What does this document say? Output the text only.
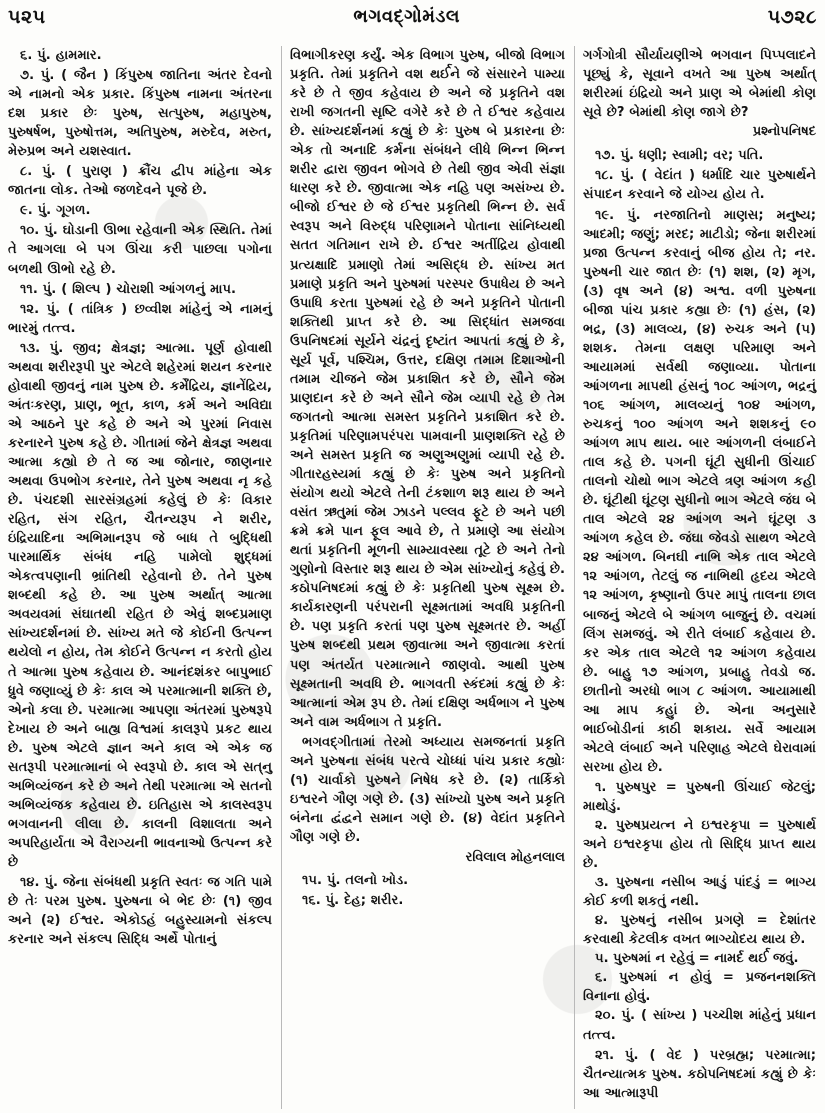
૫૨૫	ભગવદ્ગોમંડલ	૫૭૨૮

૬. પું. હામમાર.

૭. પું. ( જૈન ) કિંપુરુષ જાતિના અંતર દેવનો એ નામનો એક પ્રકાર. કિંપુરુષ નામના અંતરના દશ પ્રકાર છેઃ પુરુષ, સત્પુરુષ, મહાપુરુષ, પુરુષર્ષભ, પુરુષોત્તમ, અતિપુરુષ, મરુદેવ, મરુત, મેરુપ્રભ અને યશસ્વાત.

૮. પું. ( પુરાણ ) ક્રૌંચ દ્વીપ માંહેના એક જાતના લોક. તેઓ જળદેવને પૂજે છે.

૯. પું. ગૂગળ.

૧૦. પું. ઘોડાની ઊભા રહેવાની એક સ્થિતિ. તેમાં તે આગલા બે પગ ઊંચા કરી પાછલા પગોના બળથી ઊભો રહે છે.

૧૧. પું. ( શિલ્પ ) ચોરાશી આંગળનું માપ.

૧૨. પું. ( તાંત્રિક ) છવ્વીશ માંહેનું એ નામનું ભારમું તત્ત્વ.

૧૩. પું. જીવ; ક્ષેત્રજ્ઞ; આત્મા. પૂર્ણ હોવાથી અથવા શરીરરૂપી પુર એટલે શહેરમાં શયન કરનાર હોવાથી જીવનું નામ પુરુષ છે. કર્મેંદ્રિય, જ્ઞાનેંદ્રિય, અંતઃકરણ, પ્રાણ, ભૂત, કાળ, કર્મ અને અવિદ્યા એ આઠને પુર કહે છે અને એ પુરમાં નિવાસ કરનારને પુરુષ કહે છે. ગીતામાં જેને ક્ષેત્રજ્ઞ અથવા આત્મા કહ્યો છે તે જ આ જોનાર, જાણનાર અથવા ઉપભોગ કરનાર, તેને પુરુષ અથવા નૃ કહે છે. પંચદશી સારસંગ્રહમાં કહેલું છે કેઃ વિકાર રહિત, સંગ રહિત, ચૈતન્યરૂપ ને શરીર, ઇંદ્રિયાદિના અભિમાનરૂપ જે બાધ તે બુદ્ધિથી પારમાર્થિક સંબંધ નહિ પામેલો શુદ્ધમાં એકત્વપણાની ભ્રાંતિથી રહેવાનો છે. તેને પુરુષ શબ્દથી કહે છે. આ પુરુષ અર્થાત્ આત્મા અવયવમાં સંઘાતથી રહિત છે એવું શબ્દપ્રમાણ સાંખ્યદર્શનમાં છે. સાંખ્ય મતે જે કોઈની ઉત્પન્ન થયેલો ન હોય, તેમ કોઈને ઉત્પન્ન ન કરતો હોય તે આત્મા પુરુષ કહેવાય છે. આનંદશંકર બાપુભાઈ ધ્રુવે જણાવ્યું છે કેઃ કાલ એ પરમાત્માની શક્તિ છે, એનો કલા છે. પરમાત્મા આપણા અંતરમાં પુરુષરૂપે દેખાય છે અને બાહ્ય વિશ્વમાં કાલરૂપે પ્રકટ થાય છે. પુરુષ એટલે જ્ઞાન અને કાલ એ એક જ સતરૂપી પરમાત્માનાં બે સ્વરૂપો છે. કાલ એ સત્‌નુ અભિવ્યંજન કરે છે અને તેથી પરમાત્મા એ સતનો અભિવ્યંજક કહેવાય છે. ઇતિહાસ એ કાલસ્વરૂપ ભગવાનની લીલા છે. કાલની વિશાલતા અને અપરિહાર્યતા એ વૈરાગ્યની ભાવનાઓ ઉત્પન્ન કરે છે

૧૪. પું. જેના સંબંધથી પ્રકૃતિ સ્વતઃ જ ગતિ પામે છે તેઃ પરમ પુરુષ. પુરુષના બે ભેદ છેઃ (૧) જીવ અને (૨) ઈશ્વર. એકોઽહં બહુસ્યામનો સંકલ્પ કરનાર અને સંકલ્પ સિદ્ધિ અર્થે પોતાનું

વિભાગીકરણ કર્યું. એક વિભાગ પુરુષ, બીજો વિભાગ પ્રકૃતિ. તેમાં પ્રકૃતિને વશ થર્ઈને જે સંસારને પામ્યા કરે છે તે જીવ કહેવાય છે અને જે પ્રકૃતિને વશ રાખી જગતની સૃષ્ટિ વગેરે કરે છે તે ઈશ્વર કહેવાય છે. સાંખ્યદર્શનમાં કહ્યું છે કેઃ પુરુષ બે પ્રકારના છેઃ એક તો અનાદિ કર્મના સંબંધને લીધે ભિન્ન ભિન્ન શરીર દ્વારા જીવન ભોગવે છે તેથી જીવ એવી સંજ્ઞા ધારણ કરે છે. જીવાત્મા એક નહિ પણ અસંખ્ય છે. બીજો ઈશ્વર છે જે ઈશ્વર પ્રકૃતિથી ભિન્ન છે. સર્વ સ્વરૂપ અને વિરુદ્ધ પરિણામને પોતાના સાંનિધ્યથી સતત ગતિમાન રાખે છે. ઈશ્વર અતીંદ્રિય હોવાથી પ્રત્યક્ષાદિ પ્રમાણો તેમાં અસિદ્ધ છે. સાંખ્ય મત પ્રમાણે પ્રકૃતિ અને પુરુષમાં પરસ્પર ઉપાધેય છે અને ઉપાધિ કરતા પુરુષમાં રહે છે અને પ્રકૃતિને પોતાની શક્તિથી પ્રાપ્ત કરે છે. આ સિદ્ધાંત સમજવા ઉપનિષદમાં સૂર્યને ચંદ્રનું દૃષ્ટાંત આપતાં કહ્યું છે કે, સૂર્ય પૂર્વ, પશ્ચિમ, ઉત્તર, દક્ષિણ તમામ દિશાઓની તમામ ચીજને જેમ પ્રકાશિત કરે છે, સૌને જેમ પ્રાણદાન કરે છે અને સૌને જેમ વ્યાપી રહે છે તેમ જગતનો આત્મા સમસ્ત પ્રકૃતિને પ્રકાશિત કરે છે. પ્રકૃતિમાં પરિણામપરંપરા પામવાની પ્રાણશક્તિ રહે છે અને સમસ્ત પ્રકૃતિ જ અણુઅણુમાં વ્યાપી રહે છે. ગીતારહસ્યમાં કહ્યું છે કેઃ પુરુષ અને પ્રકૃતિનો સંયોગ થયો એટલે તેની ટંકશાળ શરૂ થાય છે અને વસંત ઋતુમાં જેમ ઝાડને પલ્લવ ફૂટે છે અને પછી ક્રમે ક્રમે પાન ફૂલ આવે છે, તે પ્રમાણે આ સંયોગ થતાં પ્રકૃતિની મૂળની સામ્યાવસ્થા તૂટે છે અને તેનો ગુણોનો વિસ્તાર શરૂ થાય છે એમ સાંખ્યોનું કહેવું છે. કઠોપનિષદમાં કહ્યું છે કેઃ પ્રકૃતિથી પુરુષ સૂક્ષ્મ છે. કાર્યકારણની પરંપરાની સૂક્ષ્મતામાં અવધિ પ્રકૃતિની છે. પણ પ્રકૃતિ કરતાં પણ પુરુષ સૂક્ષ્મતર છે. અહીં પુરુષ શબ્દથી પ્રથમ જીવાત્મા અને જીવાત્મા કરતાં પણ અંતર્યત પરમાત્માને જાણવો. આથી પુરુષ સૂક્ષ્મતાની અવધિ છે. ભાગવતી સ્કંદમાં કહ્યું છે કેઃ આત્માનાં એમ રૂપ છે. તેમાં દક્ષિણ અર્ધભાગ ને પુરુષ અને વામ અર્ધભાગ તે પ્રકૃતિ.

ભગવદ્‌ગીતામાં તેરમો અધ્યાય સમજનતાં પ્રકૃતિ અને પુરુષના સંબંધ પરત્વે ચોધ્ધાં પાંચ પ્રકાર કહ્યોઃ (૧) ચાર્વાકો પુરુષને નિષેધ કરે છે. (૨) તાર્કિકો ઇશ્વરને ગૌણ ગણે છે. (૩) સાંખ્યો પુરુષ અને પ્રકૃતિ બંનેના દ્વંદ્વને સમાન ગણે છે. (૪) વેદાંત પ્રકૃતિને ગૌણ ગણે છે.

રવિલાલ મોહનલાલ

૧૫. પું. તલનો ખોડ.

૧૬. પું. દેહ; શરીર.

ગર્ગગોત્રી સૌર્યાયણીએ ભગવાન પિપ્પલાદને પૂછ્યું કે, સૂવાને વખતે આ પુરુષ અર્થાત્ શરીરમાં ઇંદ્રિયો અને પ્રાણ એ બેમાંથી કોણ સૂવે છે? બેમાંથી કોણ જાગે છે?

પ્રશ્નોપનિષદ

૧૭. પું. ધણી; સ્વામી; વર; પતિ.

૧૮. પું. ( વેદાંત ) ધર્માદિ ચાર પુરુષાર્થને સંપાદન કરવાને જે યોગ્ય હોય તે.

૧૯. પું. નરજાતિનો માણસ; મનુષ્ય; આદમી; જણું; મરદ; માટીડો; જેના શરીરમાં પ્રજા ઉત્પન્ન કરવાનું બીજ હોય તે; નર. પુરુષની ચાર જાત છેઃ (૧) શશ, (૨) મૃગ, (૩) વૃષ અને (૪) અશ્વ. વળી પુરુષના બીજા પાંચ પ્રકાર કહ્યા છેઃ (૧) હંસ, (૨) ભદ્ર, (૩) માલવ્ય, (૪) રુચક અને (૫) શશક. તેમના લક્ષણ પરિમાણ અને આયામમાં સર્વથી જણાવ્યા. પોતાના આંગળના માપથી હંસનું ૧૦૮ આંગળ, ભદ્રનું ૧૦૬ આંગળ, માલવ્યનું ૧૦૪ આંગળ, રુચકનું ૧૦૦ આંગળ અને શશકનું ૯૦ આંગળ માપ થાય. બાર આંગળની લંબાઈને તાલ કહે છે. પગની ઘૂંટી સુધીની ઊંચાઈ તાલનો ચોથો ભાગ એટલે ત્રણ આંગળ કહી છે. ઘૂંટીથી ઘૂંટણ સુધીનો ભાગ એટલે જંઘ બે તાલ એટલે ૨૪ આંગળ અને ઘૂંટણ ૩ આંગળ કહેલ છે. જંઘા જેવડો સાથળ એટલે ૨૪ આંગળ. બિનઘી નાભિ એક તાલ એટલે ૧૨ આંગળ, તેટલું જ નાભિથી હૃદય એટલે ૧૨ આંગળ, કૃષ્ણાનો ઉપર માપું તાલના છાલ બાજનું એટલે બે આંગળ બાજુનું છે. વચમાં લિંગ સમજવું. એ રીતે લંબાઈ કહેવાય છે. કર એક તાલ એટલે ૧૨ આંગળ કહેવાય છે. બાહુ ૧૭ આંગળ, પ્રબાહુ તેવડો જ. છાતીનો અરધો ભાગ ૮ આંગળ. આયામાથી આ માપ કહાું છે. એના અનુસારે ભાઈબોડીનાં કાઠી શકાય. સર્વે આયામ એટલે લંબાઈ અને પરિણાહ એટલે ઘેરાવામાં સરખા હોય છે.

૧. પુરુષપુર = પુરુષની ઊંચાઈ જેટલું; માથોડું.

૨. પુરુષપ્રયત્ન ને ઇશ્વરકૃપા = પુરુષાર્થ અને ઇશ્વરકૃપા હોય તો સિદ્ધિ પ્રાપ્ત થાય છે.

૩. પુરુષના નસીબ આડું પાંદડું = ભાગ્ય કોઈ કળી શકતું નથી.

૪. પુરુષનું નસીબ પ્રગણે = દેશાંતર કરવાથી કેટલીક વખત ભાગ્યોદય થાય છે.

૫. પુરુષમાં ન રહેવું = નામર્દ થર્ઈ જવું.

૬. પુરુષમાં ન હોવું = પ્રજનનશક્તિ વિનાના હોવું.

૨૦. પું. ( સાંખ્ય ) પચ્ચીશ માંહેનું પ્રધાન તત્ત્વ.

૨૧. પું. ( વેદ ) પરબ્રહ્મ; પરમાત્મા; ચૈતન્યાત્મક પુરુષ. કઠોપનિષદમાં કહ્યું છે કેઃ આ આત્મારૂપી
